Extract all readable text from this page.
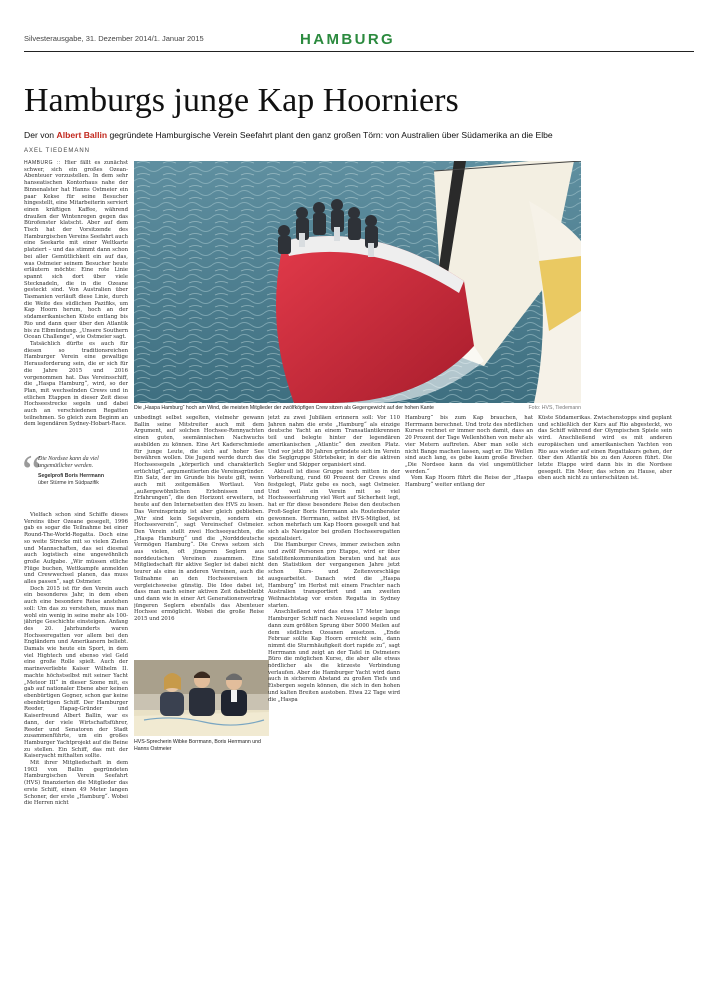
Silvesterausgabe, 31. Dezember 2014/1. Januar 2015	HAMBURG
Hamburgs junge Kap Hoorniers
Der von Albert Ballin gegründete Hamburgische Verein Seefahrt plant den ganz großen Törn: von Australien über Südamerika an die Elbe
AXEL TIEDEMANN

HAMBURG :: Hier fällt es zunächst schwer, sich ein großes Ozean-Abenteuer vorzustellen. In dem sehr hanseatischen Kontorhaus nahe der Binnenalster hat Hanns Ostmeier ein paar Kekse für seine Besucher hingestellt, eine Mitarbeiterin serviert einen kräftigen Kaffee, während draußen der Wintenregen gegen das Bürofenster klatscht. Aber auf dem Tisch hat der Vorsitzende des Hamburgischen Vereins Seefahrt auch eine Seekarte mit einer Weltkarte platziert – und das stimmt dann schon bei aller Gemütlichkeit ein auf das, was Ostmeier seinem Besucher heute erläutern möchte: Eine rote Linie spannt sich dort über viele Stecknadeln, die in die Ozeane gesteckt sind. Von Australien über Tasmanien verläuft diese Linie, durch die Weite des südlichen Pazifiks, um Kap Hoorn herum, hoch an der südamerikanischen Küste entlang bis Rio und dann quer über den Atlantik bis zu Elbmündung. „Unsere Southern Ocean Challenge“, wie Ostmeier sagt.

Tatsächlich dürfte es auch für diesen so traditionsreichen Hamburger Verein eine gewaltige Herausforderung sein, die er sich für die Jahre 2015 und 2016 vorgenommen hat. Das Vereinsschiff, die „Haspa Hamburg“, wird, so der Plan, mit wechselnden Crews und in etlichen Etappen in dieser Zeit diese Hochseestrecke segeln und dabei auch an verschiedenen Regatten teilnehmen. So gleich zum Beginm an dem legendären Sydney-Hobart-Race.

“
Die Nordsee kann da viel ungemütlicher werden.
Segelprofi Boris Herrmann
über Stürme im Südpazifik

Vielfach schon sind Schiffe dieses Vereins über Ozeane gesegelt, 1996 gab es sogar die Teilnahme bei einer Round-The-World-Regatta. Doch eine so weite Strecke mit so vielen Zielen und Mannschaften, das sei diesmal auch logistisch eine ungewöhnlich große Aufgabe. „Wir müssen etliche Flüge buchen, Wettkampfe anmelden und Crewwechsel planen, das muss alles passen“, sagt Ostmeier.

Doch 2015 ist für den Verein auch ein besonderes Jahr, in dem eben auch eine besondere Reise anstehen soll: Um das zu verstehen, muss man wohl ein wenig in seine mehr als 100-jährige Geschichte einsteigen. Anfang des 20. Jahrhunderts waren Hochseeregatten vor allem bei den Engländern und Amerikanern beliebt. Damals wie heute ein Sport, in dem viel Hightech und ebenso viel Geld eine große Rolle spielt. Auch der marineverliebte Kaiser Wilhelm II. machte höchstselbst mit seiner Yacht „Meteor III“ in dieser Szene mit, es gab auf nationaler Ebene aber keinen ebenbürtigen Gegner, schon gar keine ebenbürtigen Schiff. Der Hamburger Reeder, Hapag-Gründer und Kaiserfreund Albert Ballin, war es dann, der viele Wirtschaftsführer, Reeder und Senatoren der Stadt zusammenführte, um ein großes Hamburger Yachtprojekt auf die Beine zu stellen. Ein Schiff, das mit der Kaiseryacht mithalten sollte.

Mit ihrer Mitgliedschaft in dem 1903 von Ballin gegründeten Hamburgischen Verein Seefahrt (HVS) finanzierten die Mitglieder das erste Schiff, einen 49 Meter langen Schoner, der erste „Hamburg“. Wobei die Herren nicht

Die „Haspa Hamburg“ hoch am Wind, die meisten Mitglieder der zwölfköpfigen Crew sitzen als Gegengewicht auf der hohen Kante	Foto: HVS, Tiedemann

unbedingt selbst segelten, vielmehr gewann Ballin seine Mitstreiter auch mit dem Argument, auf solchen Hochsee-Rennyachten einen guten, seemännischen Nachwuchs ausbilden zu können. Eine Art Kaderschmiede für junge Leute, die sich auf hoher See bewähren wollen. Die Jugend werde durch das Hochseesegeln „körperlich und charakterlich ertüchtigt“, argumentierten die Vereinsgründer. Ein Satz, der im Grunde bis heute gilt, wenn auch mit zeitgemäßen Wortlaut. Von „außergewöhnlichen Erlebnissen und Erfahrungen“, die den Horizont erweitern, ist heute auf den Internetseiten des HVS zu lesen. Das Vereinsprinzip ist aber gleich geblieben. „Wir sind kein Segelverein, sondern ein Hochseeverein“, sagt Vereinschef Ostmeier. Den Verein stellt zwei Hochseeyachten, die „Haspa Hamburg“ und die „Nordddeutsche Vermögen Hamburg“. Die Crews setzen sich aus vielen, oft jüngeren Seglern aus norddeutschen Vereinen zusammen. Eine Mitgliedschaft für aktive Segler ist dabei nicht teurer als eine in anderen Vereinen, auch die Teilnahme an den Hochseereisen ist vergleichsweise günstig. Die Idee dabei ist, dass man nach seiner aktiven Zeit dabeibleibt und dann wie in einer Art Generationenvertrag jüngeren Seglern ebenfalls das Abenteuer Hochsee ermöglicht. Wobei die große Reise 2015 und 2016

HVS-Sprecherin Wibke Borrmann, Boris Herrmann und Hanns Ostmeier

jetzt zu zwei Jubiläen erinnern soll: Vor 110 Jahren nahm die erste „Hamburg“ als einzige deutsche Yacht an einem Transatlantikrennen teil und belegte hinter der legendären amerikanischen „Atlantic“ den zweiten Platz. Und vor jetzt 80 Jahren gründete sich im Verein die Seglgruppe Störtebeker, in der die aktiven Segler und Skipper organisiert sind.

Aktuell ist diese Gruppe noch mitten in der Vorbereitung, rund 60 Prozent der Crews sind festgelegt, Platz gebe es noch, sagt Ostmeier. Und weil ein Verein mit so viel Hochseeerfahrung viel Wert auf Sicherheit legt, hat er für diese besondere Reise den deutschen Profi-Segler Boris Herrmann als Routenberater gewonnen. Herrmann, selbst HVS-Mitglied, ist schon mehrfach um Kap Hoorn gesegelt und hat sich als Navigator bei großen Hochseeregatten spezialisiert.

Die Hamburger Crews, immer zwischen zehn und zwölf Personen pro Etappe, wird er über Satellitenkommunikation beraten und hat aus den Statistiken der vergangenen Jahre jetzt schon Kurs- und Zeitenvorschläge ausgearbeitet. Danach wird die „Haspa Hamburg“ im Herbst mit einem Frachter nach Australien transportiert und am zweiten Weihnachtstag vor ersten Regatta in Sydney starten.

Anschließend wird das etwa 17 Meter lange Hamburger Schiff nach Neuseeland segeln und dann zum größten Sprung über 5000 Meilen auf dem südlichen Ozeanen ansetzen. „Ende Februar sollte Kap Hoorn erreicht sein, dann nimmt die Sturmhäufigkeit dort rapide zu“, sagt Herrmann und zeigt an der Tafel in Ostmeiers Büro die möglichen Kurse, die aber alle etwas nördlicher als die kürzeste Verbindung verlaufen. Aber die Hamburger Yacht wird dann auch in sicherem Abstand zu großen Tiefs und Eisbergen segeln können, die sich in den hohen und kalten Breiten austoben. Etwa 22 Tage wird die „Haspa

Hamburg“ bis zum Kap brauchen, hat Herrmann berechnet. Und trotz des nördlichen Kurses rechnet er immer noch damit, dass an 20 Prozent der Tage Wellenhöhen von mehr als vier Metern auftreten. Aber man solle sich nicht Bange machen lassen, sagt er. Die Wellen sind auch lang, es gebe kaum große Brecher. „Die Nordsee kann da viel ungemütlicher werden.“

Vom Kap Hoorn führt die Reise der „Haspa Hamburg“ weiter entlang der

Küste Südamerikas. Zwischenstopps sind geplant und schließlich der Kurs auf Rio abgesteckt, wo das Schiff während der Olympischen Spiele sein wird. Anschließend wird es mit anderen europäischen und amerikanischen Yachten von Rio aus wieder auf einen Regattakurs gehen, der über den Atlantik bis zu den Azoren führt. Die letzte Etappe wird dann bis in die Nordsee gesegelt. Ein Meer, das schon zu Hause, aber eben auch nicht zu unterschätzen ist.
